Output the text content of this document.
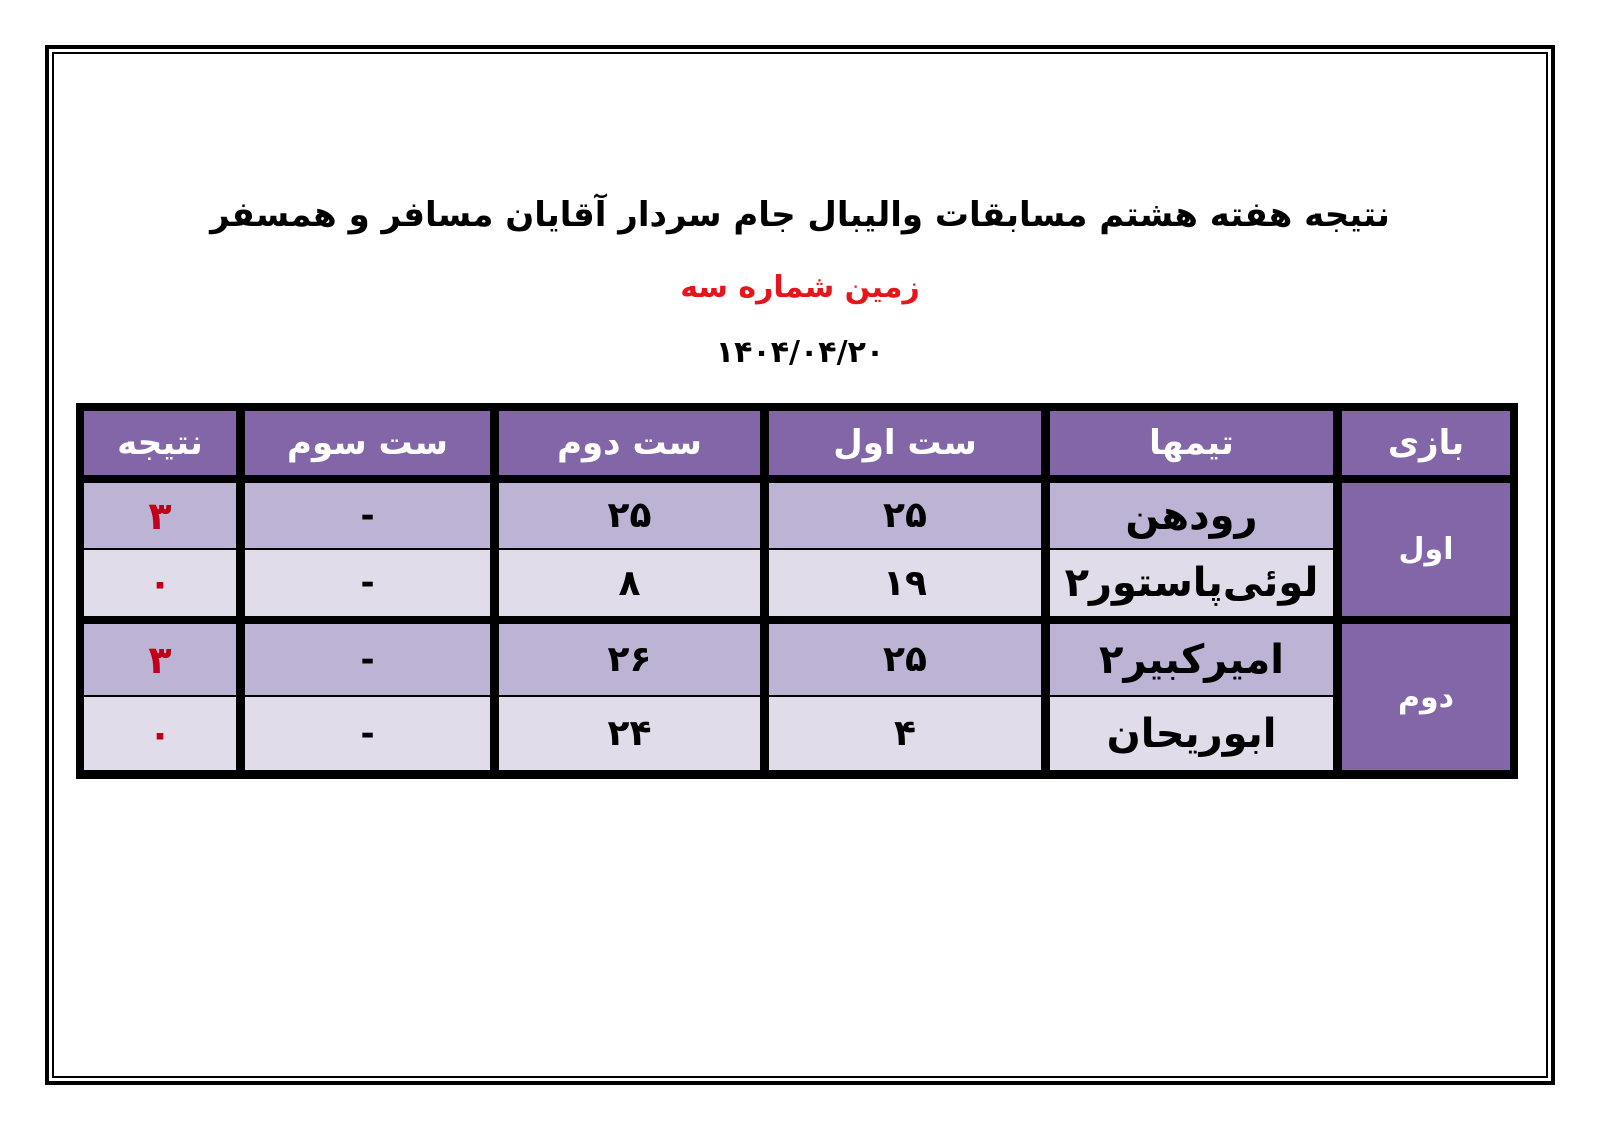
نتیجه هفته هشتم مسابقات والیبال جام سردار آقایان مسافر و همسفر
زمین شماره سه
۱۴۰۴/۰۴/۲۰
بازی
تیمها
ست اول
ست دوم
ست سوم
نتیجه
اول
رودهن
۲۵
۲۵
-
۳
لوئی‌پاستور۲
۱۹
۸
-
۰
دوم
امیرکبیر۲
۲۵
۲۶
-
۳
ابوریحان
۴
۲۴
-
۰
